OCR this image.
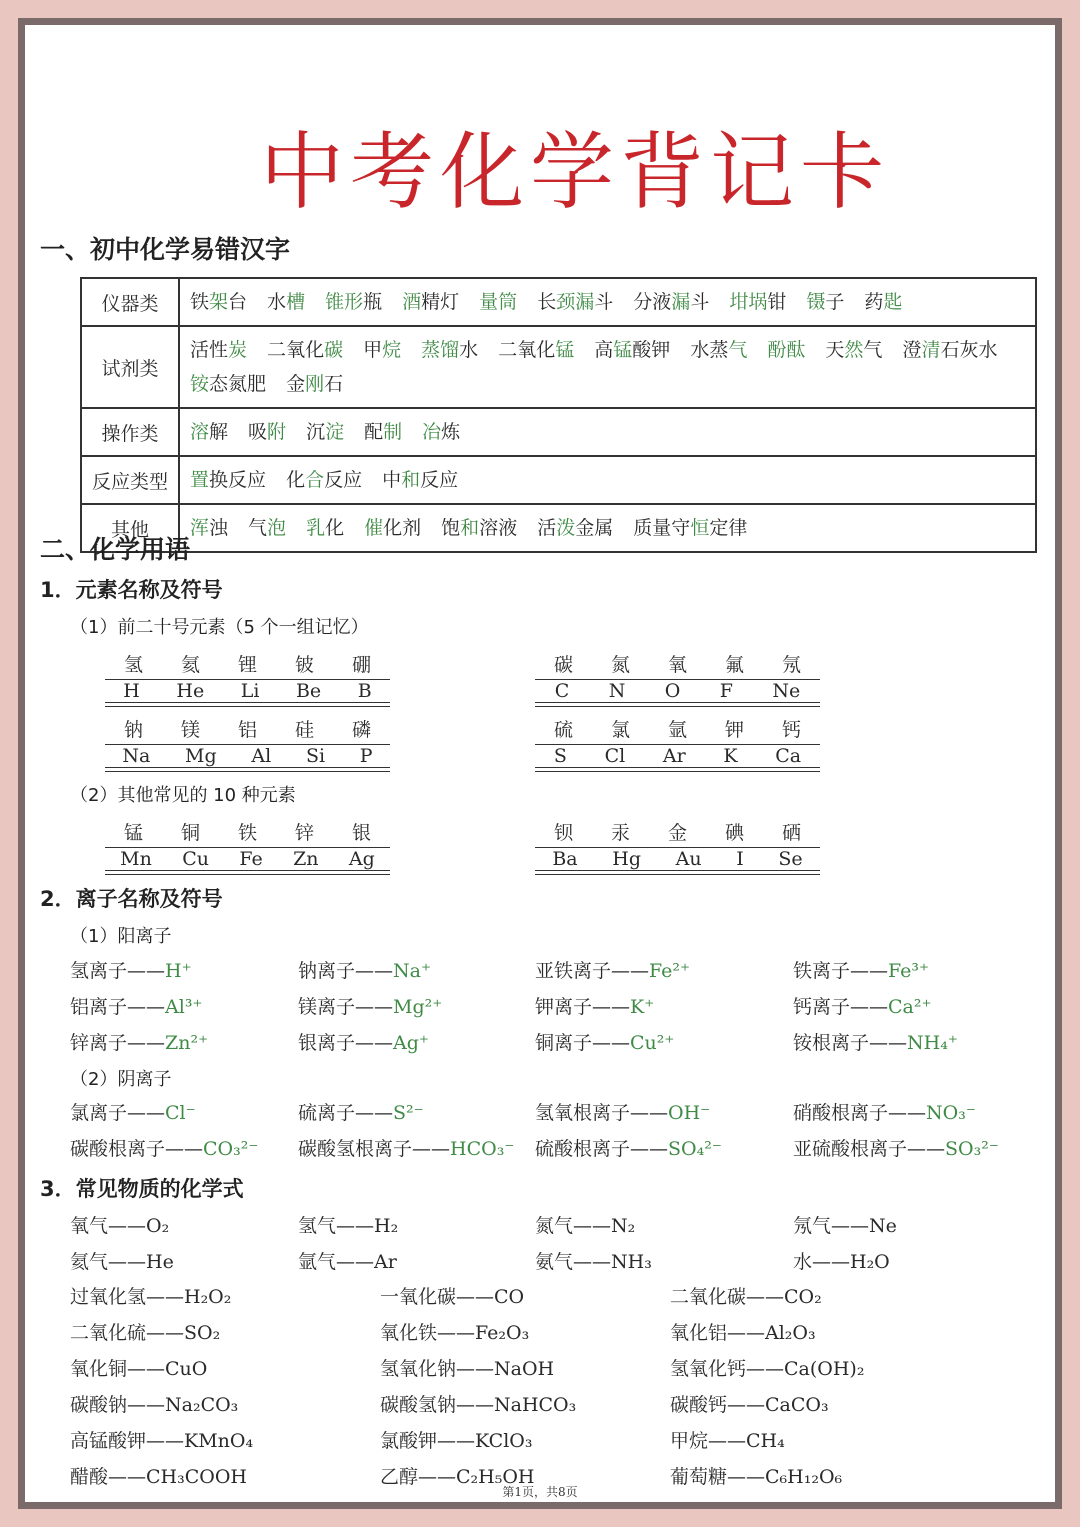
中考化学背记卡
一、初中化学易错汉字
仪器类	铁架台 水槽 锥形瓶 酒精灯 量筒 长颈漏斗 分液漏斗 坩埚钳 镊子 药匙
试剂类	活性炭 二氧化碳 甲烷 蒸馏水 二氧化锰 高锰酸钾 水蒸气 酚酞 天然气 澄清石灰水铵态氮肥 金刚石
操作类	溶解 吸附 沉淀 配制 冶炼
反应类型	置换反应 化合反应 中和反应
其他	浑浊 气泡 乳化 催化剂 饱和溶液 活泼金属 质量守恒定律
二、化学用语
1．元素名称及符号
（1）前二十号元素（5 个一组记忆）
氢 氦 锂 铍 硼
H He Li Be B
碳 氮 氧 氟 氖
C N O F Ne
钠 镁 铝 硅 磷
Na Mg Al Si P
硫 氯 氩 钾 钙
S Cl Ar K Ca
（2）其他常见的 10 种元素
锰 铜 铁 锌 银
Mn Cu Fe Zn Ag
钡 汞 金 碘 硒
Ba Hg Au I Se
2．离子名称及符号
（1）阳离子
氢离子——H⁺	钠离子——Na⁺	亚铁离子——Fe²⁺	铁离子——Fe³⁺
铝离子——Al³⁺	镁离子——Mg²⁺	钾离子——K⁺	钙离子——Ca²⁺
锌离子——Zn²⁺	银离子——Ag⁺	铜离子——Cu²⁺	铵根离子——NH₄⁺
（2）阴离子
氯离子——Cl⁻	硫离子——S²⁻	氢氧根离子——OH⁻	硝酸根离子——NO₃⁻
碳酸根离子——CO₃²⁻ 碳酸氢根离子——HCO₃⁻ 硫酸根离子——SO₄²⁻	亚硫酸根离子——SO₃²⁻
3．常见物质的化学式
氧气——O₂	氢气——H₂	氮气——N₂	氖气——Ne
氦气——He	氩气——Ar	氨气——NH₃	水——H₂O
过氧化氢——H₂O₂	一氧化碳——CO	二氧化碳——CO₂
二氧化硫——SO₂	氧化铁——Fe₂O₃	氧化铝——Al₂O₃
氧化铜——CuO	氢氧化钠——NaOH	氢氧化钙——Ca(OH)₂
碳酸钠——Na₂CO₃	碳酸氢钠——NaHCO₃	碳酸钙——CaCO₃
高锰酸钾——KMnO₄	氯酸钾——KClO₃	甲烷——CH₄
醋酸——CH₃COOH	乙醇——C₂H₅OH	葡萄糖——C₆H₁₂O₆
第1页，共8页
